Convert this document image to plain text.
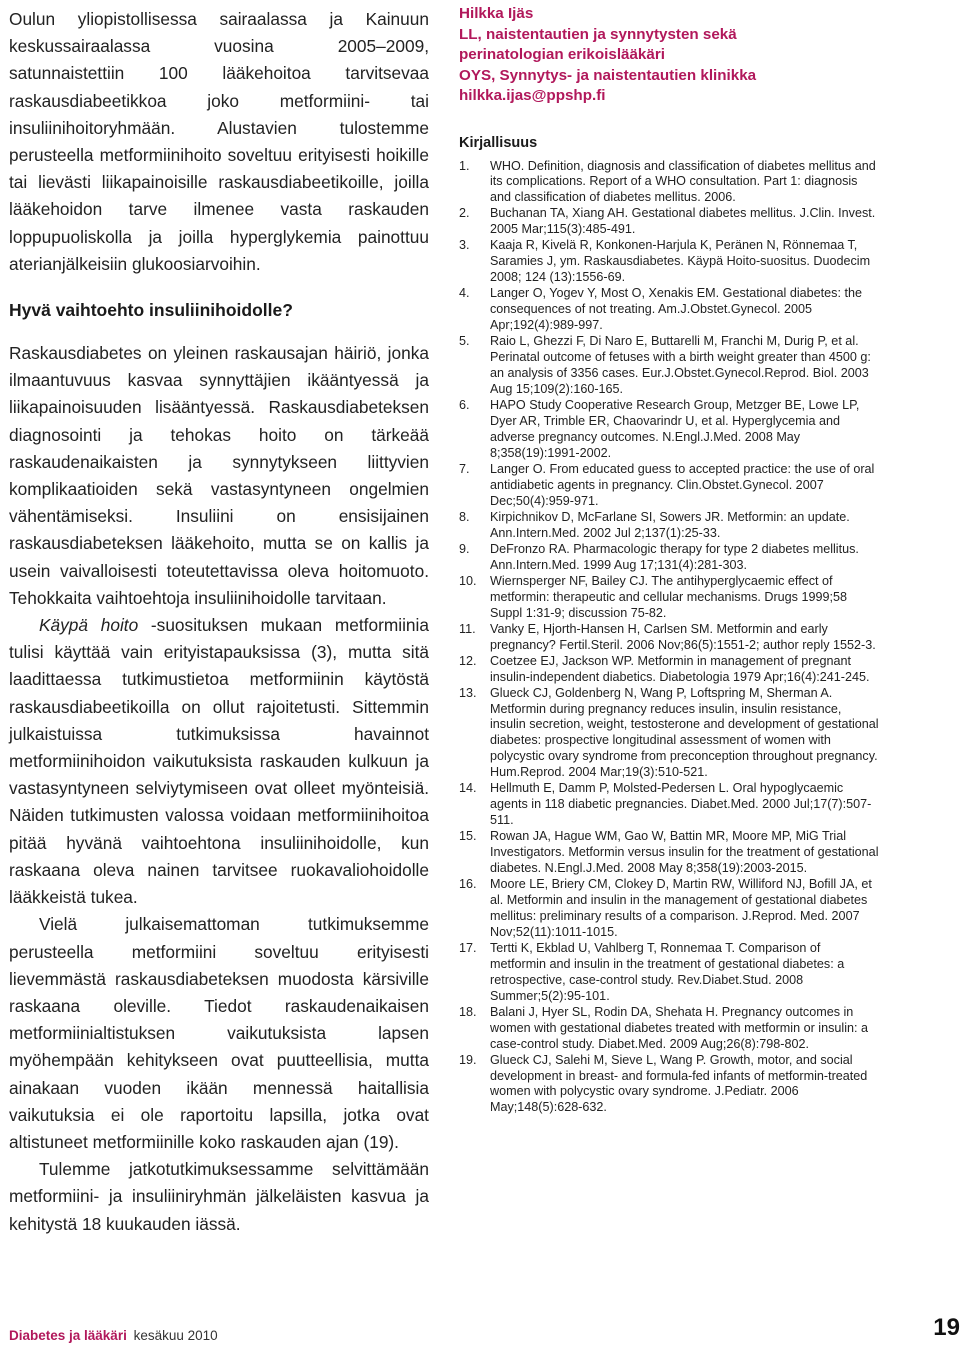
Oulun yliopistollisessa sairaalassa ja Kainuun keskussairaalassa vuosina 2005–2009, satunnaistettiin 100 lääkehoitoa tarvitsevaa raskausdiabeetikkoa joko metformiini- tai insuliinihoitoryhmään. Alustavien tulostemme perusteella metformiinihoito soveltuu erityisesti hoikille tai lievästi liikapainoisille raskausdiabeetikoille, joilla lääkehoidon tarve ilmenee vasta raskauden loppupuoliskolla ja joilla hyperglykemia painottuu aterianjälkeisiin glukoosiarvoihin.

Hyvä vaihtoehto insuliinihoidolle?

Raskausdiabetes on yleinen raskausajan häiriö, jonka ilmaantuvuus kasvaa synnyttäjien ikääntyessä ja liikapainoisuuden lisääntyessä. Raskausdiabeteksen diagnosointi ja tehokas hoito on tärkeää raskaudenaikaisten ja synnytykseen liittyvien komplikaatioiden sekä vastasyntyneen ongelmien vähentämiseksi. Insuliini on ensisijainen raskausdiabeteksen lääkehoito, mutta se on kallis ja usein vaivalloisesti toteutettavissa oleva hoitomuoto. Tehokkaita vaihtoehtoja insuliinihoidolle tarvitaan.

Käypä hoito -suosituksen mukaan metformiinia tulisi käyttää vain erityistapauksissa (3), mutta sitä laadittaessa tutkimustietoa metformiinin käytöstä raskausdiabeetikoilla on ollut rajoitetusti. Sittemmin julkaistuissa tutkimuksissa havainnot metformiinihoidon vaikutuksista raskauden kulkuun ja vastasyntyneen selviytymiseen ovat olleet myönteisiä. Näiden tutkimusten valossa voidaan metformiinihoitoa pitää hyvänä vaihtoehtona insuliinihoidolle, kun raskaana oleva nainen tarvitsee ruokavaliohoidolle lääkkeistä tukea.

Vielä julkaisemattoman tutkimuksemme perusteella metformiini soveltuu erityisesti lievemmästä raskausdiabeteksen muodosta kärsiville raskaana oleville. Tiedot raskaudenaikaisen metformiinialtistuksen vaikutuksista lapsen myöhempään kehitykseen ovat puutteellisia, mutta ainakaan vuoden ikään mennessä haitallisia vaikutuksia ei ole raportoitu lapsilla, jotka ovat altistuneet metformiinille koko raskauden ajan (19).

Tulemme jatkotutkimuksessamme selvittämään metformiini- ja insuliiniryhmän jälkeläisten kasvua ja kehitystä 18 kuukauden iässä.

Hilkka Ijäs
LL, naistentautien ja synnytysten sekä
perinatologian erikoislääkäri
OYS, Synnytys- ja naistentautien klinikka
hilkka.ijas@ppshp.fi
Kirjallisuus
1.	WHO. Definition, diagnosis and classification of diabetes mellitus and its complications. Report of a WHO consultation. Part 1: diagnosis and classification of diabetes mellitus. 2006.
2.	Buchanan TA, Xiang AH. Gestational diabetes mellitus. J.Clin. Invest. 2005 Mar;115(3):485-491.
3.	Kaaja R, Kivelä R, Konkonen-Harjula K, Peränen N, Rönnemaa T, Saramies J, ym. Raskausdiabetes. Käypä Hoito-suositus. Duodecim 2008; 124 (13):1556-69.
4.	Langer O, Yogev Y, Most O, Xenakis EM. Gestational diabetes: the consequences of not treating. Am.J.Obstet.Gynecol. 2005 Apr;192(4):989-997.
5.	Raio L, Ghezzi F, Di Naro E, Buttarelli M, Franchi M, Durig P, et al. Perinatal outcome of fetuses with a birth weight greater than 4500 g: an analysis of 3356 cases. Eur.J.Obstet.Gynecol.Reprod. Biol. 2003 Aug 15;109(2):160-165.
6.	HAPO Study Cooperative Research Group, Metzger BE, Lowe LP, Dyer AR, Trimble ER, Chaovarindr U, et al. Hyperglycemia and adverse pregnancy outcomes. N.Engl.J.Med. 2008 May 8;358(19):1991-2002.
7.	Langer O. From educated guess to accepted practice: the use of oral antidiabetic agents in pregnancy. Clin.Obstet.Gynecol. 2007 Dec;50(4):959-971.
8.	Kirpichnikov D, McFarlane SI, Sowers JR. Metformin: an update. Ann.Intern.Med. 2002 Jul 2;137(1):25-33.
9.	DeFronzo RA. Pharmacologic therapy for type 2 diabetes mellitus. Ann.Intern.Med. 1999 Aug 17;131(4):281-303.
10.	Wiernsperger NF, Bailey CJ. The antihyperglycaemic effect of metformin: therapeutic and cellular mechanisms. Drugs 1999;58 Suppl 1:31-9; discussion 75-82.
11.	Vanky E, Hjorth-Hansen H, Carlsen SM. Metformin and early pregnancy? Fertil.Steril. 2006 Nov;86(5):1551-2; author reply 1552-3.
12.	Coetzee EJ, Jackson WP. Metformin in management of pregnant insulin-independent diabetics. Diabetologia 1979 Apr;16(4):241-245.
13.	Glueck CJ, Goldenberg N, Wang P, Loftspring M, Sherman A. Metformin during pregnancy reduces insulin, insulin resistance, insulin secretion, weight, testosterone and development of gestational diabetes: prospective longitudinal assessment of women with polycystic ovary syndrome from preconception throughout pregnancy. Hum.Reprod. 2004 Mar;19(3):510-521.
14.	Hellmuth E, Damm P, Molsted-Pedersen L. Oral hypoglycaemic agents in 118 diabetic pregnancies. Diabet.Med. 2000 Jul;17(7):507-511.
15.	Rowan JA, Hague WM, Gao W, Battin MR, Moore MP, MiG Trial Investigators. Metformin versus insulin for the treatment of gestational diabetes. N.Engl.J.Med. 2008 May 8;358(19):2003-2015.
16.	Moore LE, Briery CM, Clokey D, Martin RW, Williford NJ, Bofill JA, et al. Metformin and insulin in the management of gestational diabetes mellitus: preliminary results of a comparison. J.Reprod. Med. 2007 Nov;52(11):1011-1015.
17.	Tertti K, Ekblad U, Vahlberg T, Ronnemaa T. Comparison of metformin and insulin in the treatment of gestational diabetes: a retrospective, case-control study. Rev.Diabet.Stud. 2008 Summer;5(2):95-101.
18.	Balani J, Hyer SL, Rodin DA, Shehata H. Pregnancy outcomes in women with gestational diabetes treated with metformin or insulin: a case-control study. Diabet.Med. 2009 Aug;26(8):798-802.
19.	Glueck CJ, Salehi M, Sieve L, Wang P. Growth, motor, and social development in breast- and formula-fed infants of metformin-treated women with polycystic ovary syndrome. J.Pediatr. 2006 May;148(5):628-632.
Diabetes ja lääkäri kesäkuu 2010	19
